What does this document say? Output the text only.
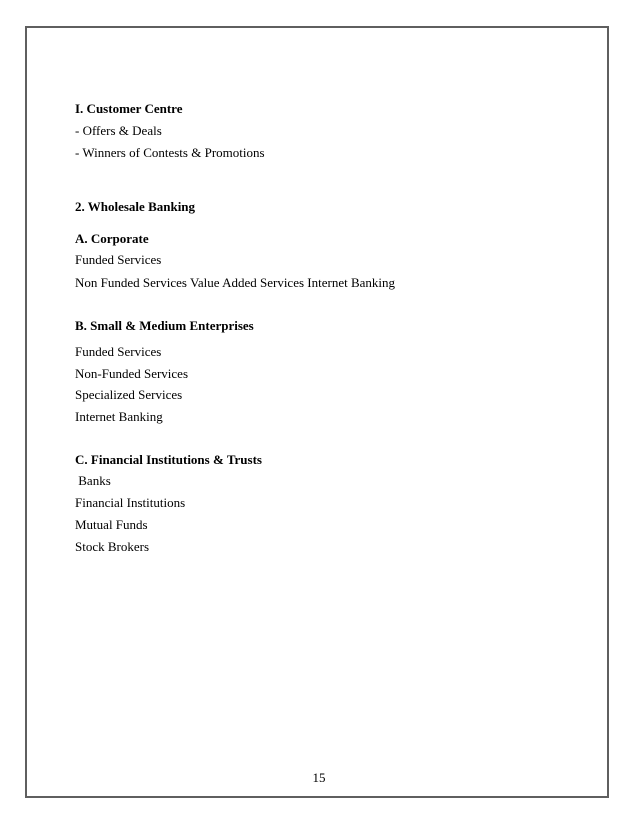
I. Customer Centre
- Offers & Deals
- Winners of Contests & Promotions
2. Wholesale Banking
A. Corporate
Funded Services
Non Funded Services Value Added Services Internet Banking
B. Small & Medium Enterprises
Funded Services
Non-Funded Services
Specialized Services
Internet Banking
C. Financial Institutions & Trusts
Banks
Financial Institutions
Mutual Funds
Stock Brokers
15
